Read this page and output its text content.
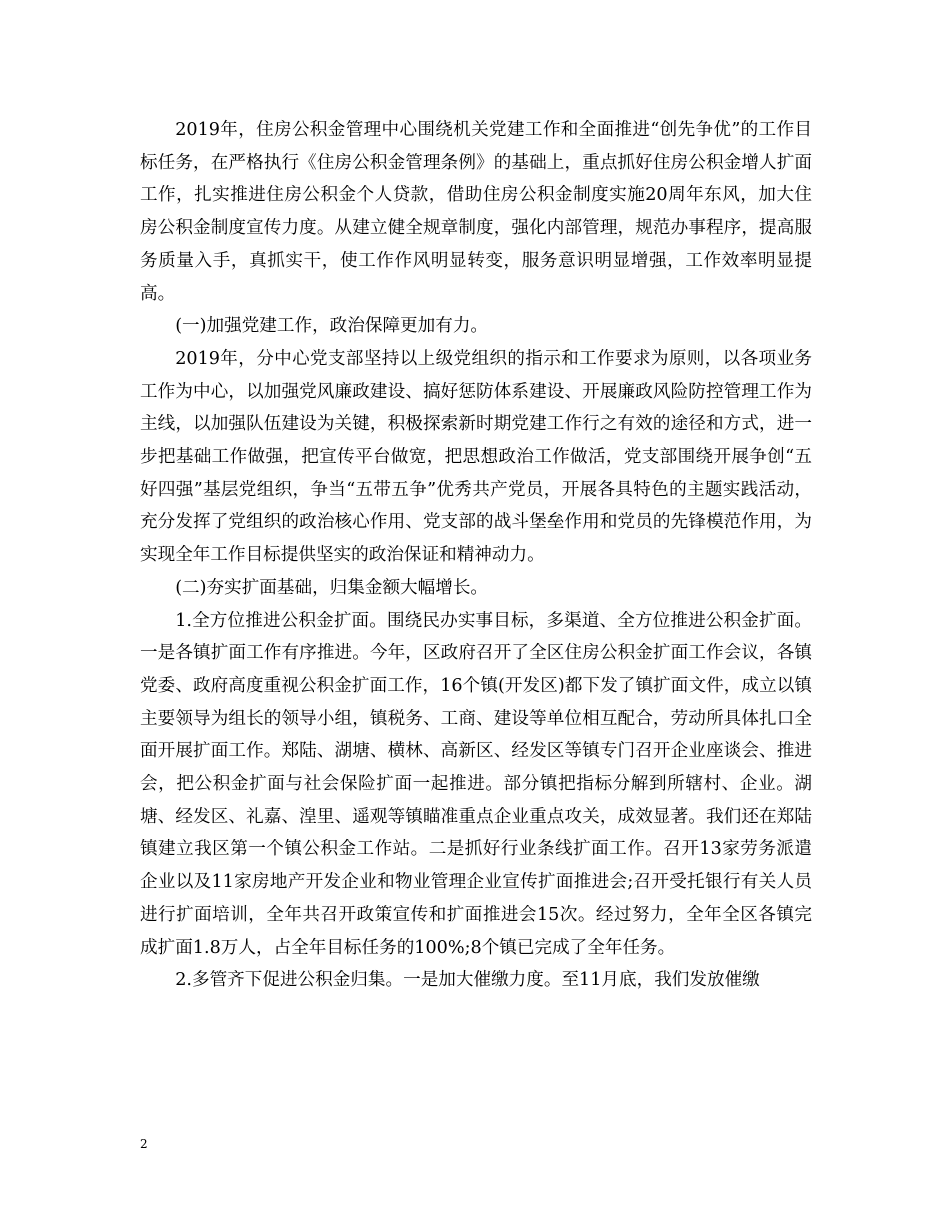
2019年，住房公积金管理中心围绕机关党建工作和全面推进“创先争优”的工作目标任务，在严格执行《住房公积金管理条例》的基础上，重点抓好住房公积金增人扩面工作，扎实推进住房公积金个人贷款，借助住房公积金制度实施20周年东风，加大住房公积金制度宣传力度。从建立健全规章制度，强化内部管理，规范办事程序，提高服务质量入手，真抓实干，使工作作风明显转变，服务意识明显增强，工作效率明显提高。

(一)加强党建工作，政治保障更加有力。

2019年，分中心党支部坚持以上级党组织的指示和工作要求为原则，以各项业务工作为中心，以加强党风廉政建设、搞好惩防体系建设、开展廉政风险防控管理工作为主线，以加强队伍建设为关键，积极探索新时期党建工作行之有效的途径和方式，进一步把基础工作做强，把宣传平台做宽，把思想政治工作做活，党支部围绕开展争创“五好四强”基层党组织，争当“五带五争”优秀共产党员，开展各具特色的主题实践活动，充分发挥了党组织的政治核心作用、党支部的战斗堡垒作用和党员的先锋模范作用，为实现全年工作目标提供坚实的政治保证和精神动力。

(二)夯实扩面基础，归集金额大幅增长。

1.全方位推进公积金扩面。围绕民办实事目标，多渠道、全方位推进公积金扩面。一是各镇扩面工作有序推进。今年，区政府召开了全区住房公积金扩面工作会议，各镇党委、政府高度重视公积金扩面工作，16个镇(开发区)都下发了镇扩面文件，成立以镇主要领导为组长的领导小组，镇税务、工商、建设等单位相互配合，劳动所具体扎口全面开展扩面工作。郑陆、湖塘、横林、高新区、经发区等镇专门召开企业座谈会、推进会，把公积金扩面与社会保险扩面一起推进。部分镇把指标分解到所辖村、企业。湖塘、经发区、礼嘉、湟里、遥观等镇瞄准重点企业重点攻关，成效显著。我们还在郑陆镇建立我区第一个镇公积金工作站。二是抓好行业条线扩面工作。召开13家劳务派遣企业以及11家房地产开发企业和物业管理企业宣传扩面推进会;召开受托银行有关人员进行扩面培训，全年共召开政策宣传和扩面推进会15次。经过努力，全年全区各镇完成扩面1.8万人，占全年目标任务的100%;8个镇已完成了全年任务。

2.多管齐下促进公积金归集。一是加大催缴力度。至11月底，我们发放催缴

2
